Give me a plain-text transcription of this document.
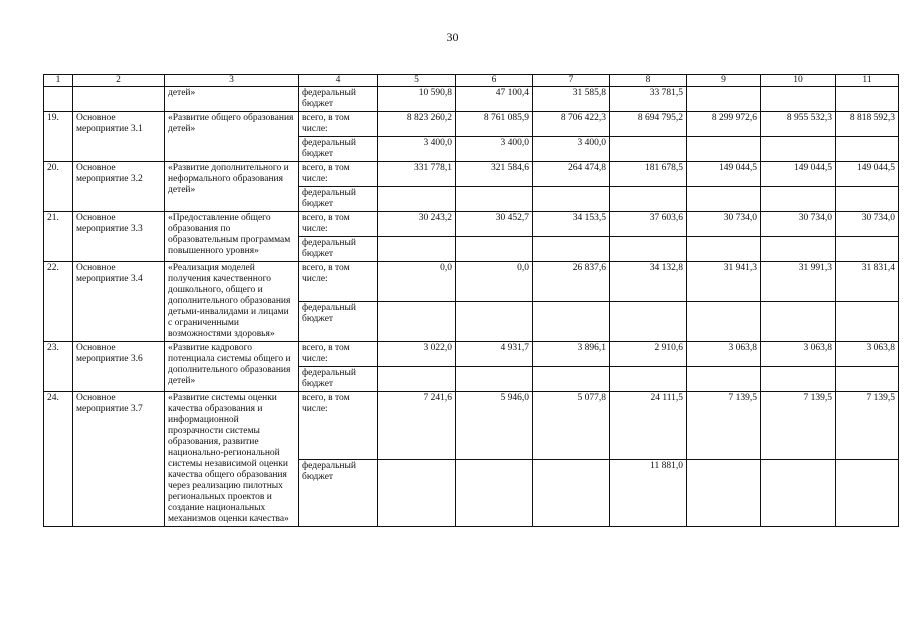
30
1	2	3	4	5	6	7	8	9	10	11
		детей»	федеральный бюджет	10 590,8	47 100,4	31 585,8	33 781,5			
19.	Основное мероприятие 3.1	«Развитие общего образования детей»	всего, в том числе:	8 823 260,2	8 761 085,9	8 706 422,3	8 694 795,2	8 299 972,6	8 955 532,3	8 818 592,3
			федеральный бюджет	3 400,0	3 400,0	3 400,0				
20.	Основное мероприятие 3.2	«Развитие дополнительного и неформального образования детей»	всего, в том числе:	331 778,1	321 584,6	264 474,8	181 678,5	149 044,5	149 044,5	149 044,5
			федеральный бюджет							
21.	Основное мероприятие 3.3	«Предоставление общего образования по образовательным программам повышенного уровня»	всего, в том числе:	30 243,2	30 452,7	34 153,5	37 603,6	30 734,0	30 734,0	30 734,0
			федеральный бюджет							
22.	Основное мероприятие 3.4	«Реализация моделей получения качественного дошкольного, общего и дополнительного образования детьми-инвалидами и лицами с ограниченными возможностями здоровья»	всего, в том числе:	0,0	0,0	26 837,6	34 132,8	31 941,3	31 991,3	31 831,4
			федеральный бюджет							
23.	Основное мероприятие 3.6	«Развитие кадрового потенциала системы общего и дополнительного образования детей»	всего, в том числе:	3 022,0	4 931,7	3 896,1	2 910,6	3 063,8	3 063,8	3 063,8
			федеральный бюджет							
24.	Основное мероприятие 3.7	«Развитие системы оценки качества образования и информационной прозрачности системы образования, развитие национально-региональной системы независимой оценки качества общего образования через реализацию пилотных региональных проектов и создание национальных механизмов оценки качества»	всего, в том числе:	7 241,6	5 946,0	5 077,8	24 111,5	7 139,5	7 139,5	7 139,5
			федеральный бюджет				11 881,0			
